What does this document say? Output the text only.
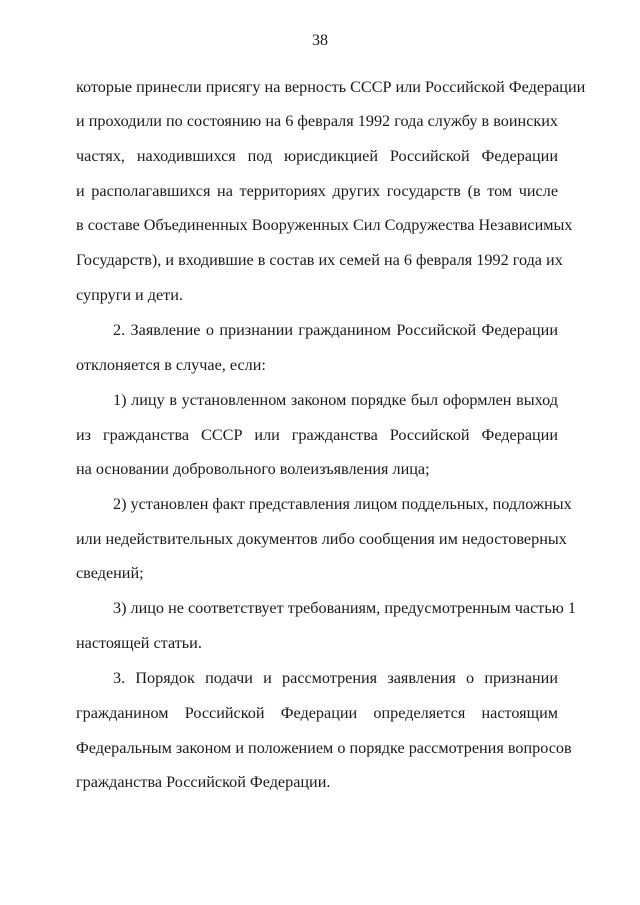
38
которые принесли присягу на верность СССР или Российской Федерации
и проходили по состоянию на 6 февраля 1992 года службу в воинских
частях, находившихся под юрисдикцией Российской Федерации
и располагавшихся на территориях других государств (в том числе
в составе Объединенных Вооруженных Сил Содружества Независимых
Государств), и входившие в состав их семей на 6 февраля 1992 года их
супруги и дети.
2. Заявление о признании гражданином Российской Федерации
отклоняется в случае, если:
1) лицу в установленном законом порядке был оформлен выход
из гражданства СССР или гражданства Российской Федерации
на основании добровольного волеизъявления лица;
2) установлен факт представления лицом поддельных, подложных
или недействительных документов либо сообщения им недостоверных
сведений;
3) лицо не соответствует требованиям, предусмотренным частью 1
настоящей статьи.
3. Порядок подачи и рассмотрения заявления о признании
гражданином Российской Федерации определяется настоящим
Федеральным законом и положением о порядке рассмотрения вопросов
гражданства Российской Федерации.
